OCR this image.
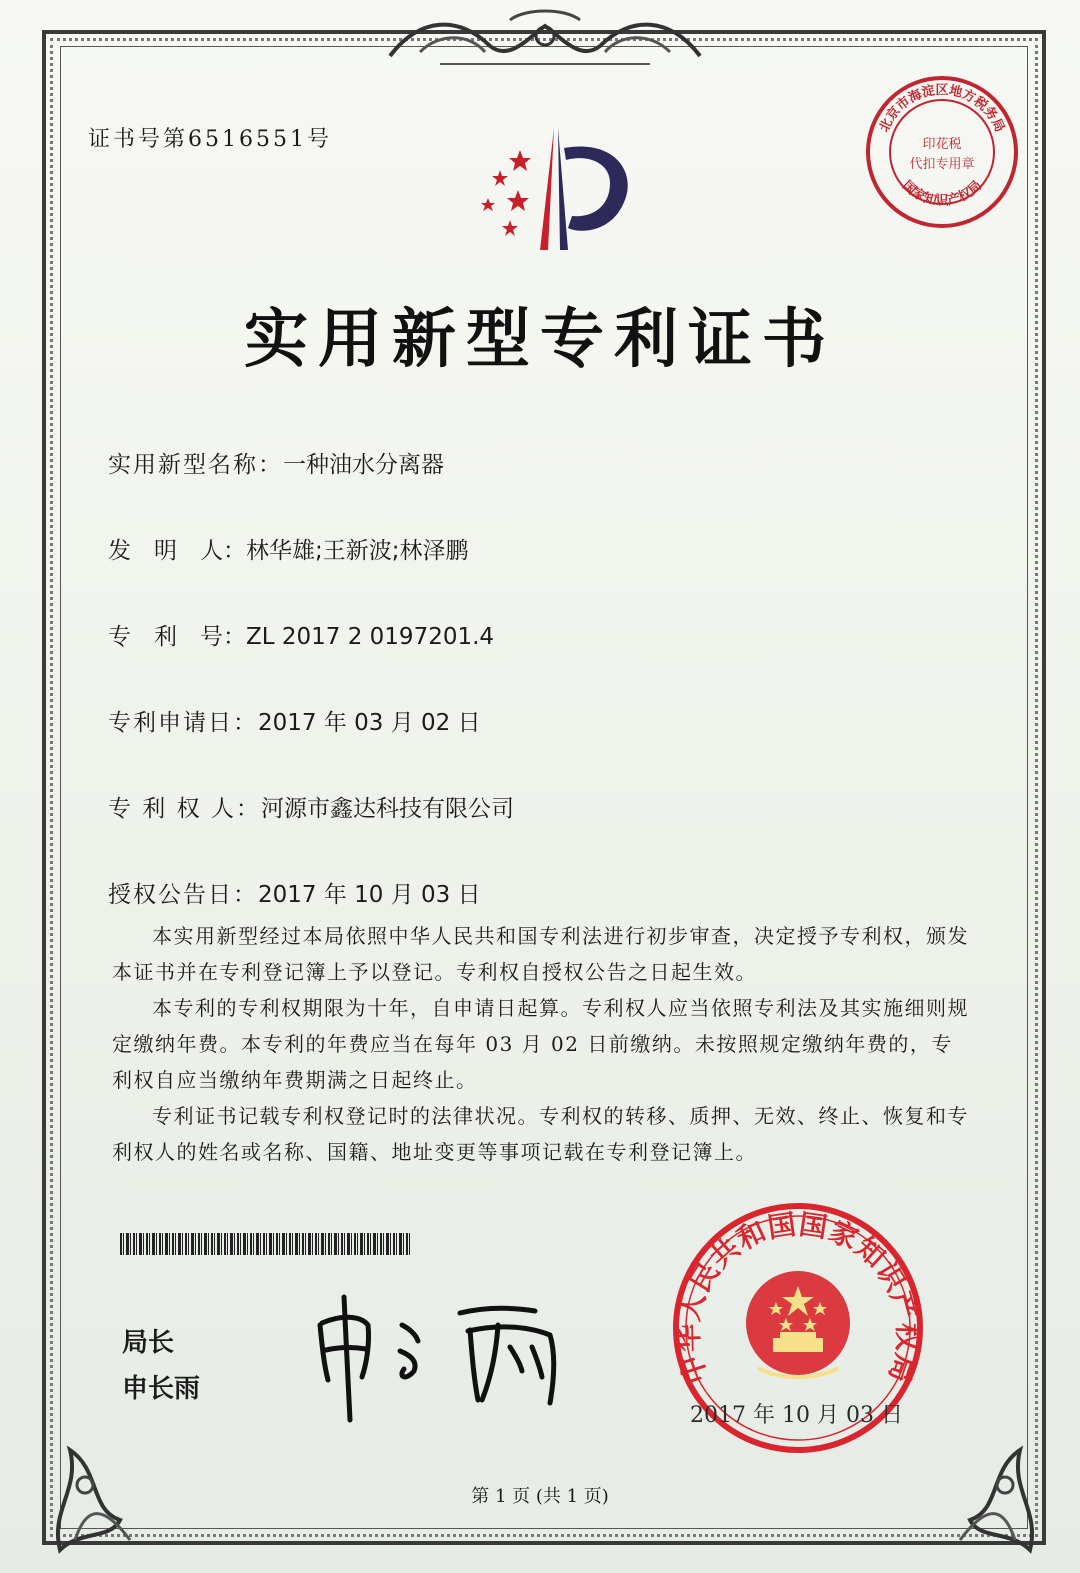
证书号第6516551号
北京市海淀区地方税务局
印花税
代扣专用章
国家知识产权局
实用新型专利证书
实用新型名称： 一种油水分离器
发　明　人： 林华雄;王新波;林泽鹏
专　利　号： ZL 2017 2 0197201.4
专利申请日： 2017 年 03 月 02 日
专 利 权 人： 河源市鑫达科技有限公司
授权公告日： 2017 年 10 月 03 日

本实用新型经过本局依照中华人民共和国专利法进行初步审查，决定授予专利权，颁发本证书并在专利登记簿上予以登记。专利权自授权公告之日起生效。

本专利的专利权期限为十年，自申请日起算。专利权人应当依照专利法及其实施细则规定缴纳年费。本专利的年费应当在每年 03 月 02 日前缴纳。未按照规定缴纳年费的，专利权自应当缴纳年费期满之日起终止。

专利证书记载专利权登记时的法律状况。专利权的转移、质押、无效、终止、恢复和专利权人的姓名或名称、国籍、地址变更等事项记载在专利登记簿上。

局长
申长雨
中华人民共和国国家知识产权局
2017 年 10 月 03 日
第 1 页 (共 1 页)
